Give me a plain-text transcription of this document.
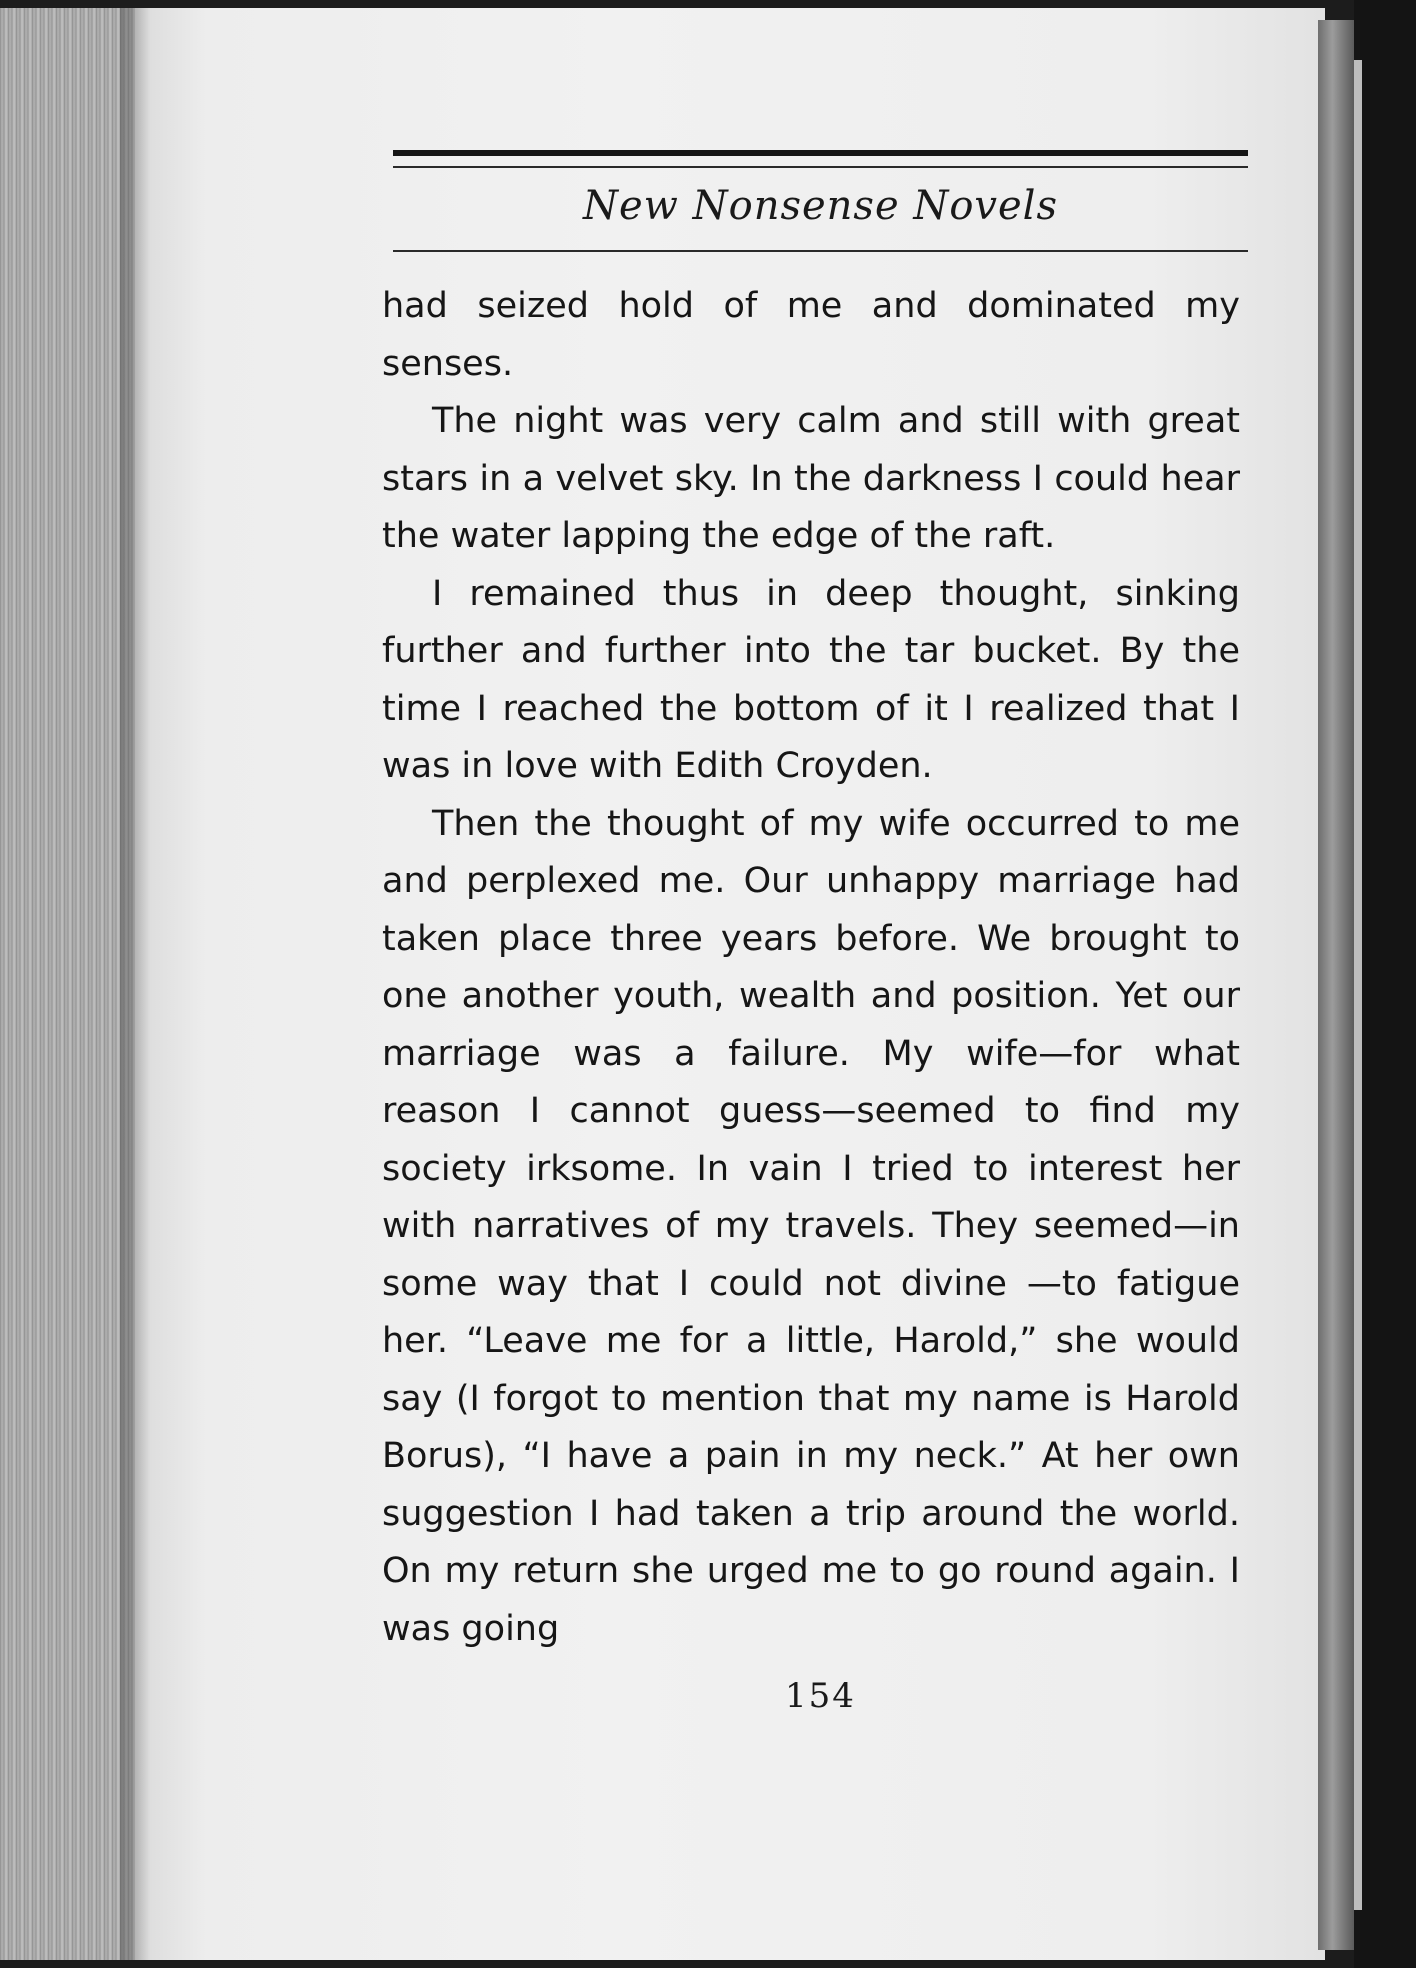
New Nonsense Novels

had seized hold of me and dominated my senses.

The night was very calm and still with great stars in a velvet sky. In the darkness I could hear the water lapping the edge of the raft.

I remained thus in deep thought, sinking further and further into the tar bucket. By the time I reached the bottom of it I realized that I was in love with Edith Croyden.

Then the thought of my wife occurred to me and perplexed me. Our unhappy marriage had taken place three years before. We brought to one another youth, wealth and position. Yet our marriage was a failure. My wife—for what reason I cannot guess—seemed to find my society irksome. In vain I tried to interest her with narratives of my travels. They seemed—in some way that I could not divine —to fatigue her. “Leave me for a little, Harold,” she would say (I forgot to mention that my name is Harold Borus), “I have a pain in my neck.” At her own suggestion I had taken a trip around the world. On my return she urged me to go round again. I was going

154
